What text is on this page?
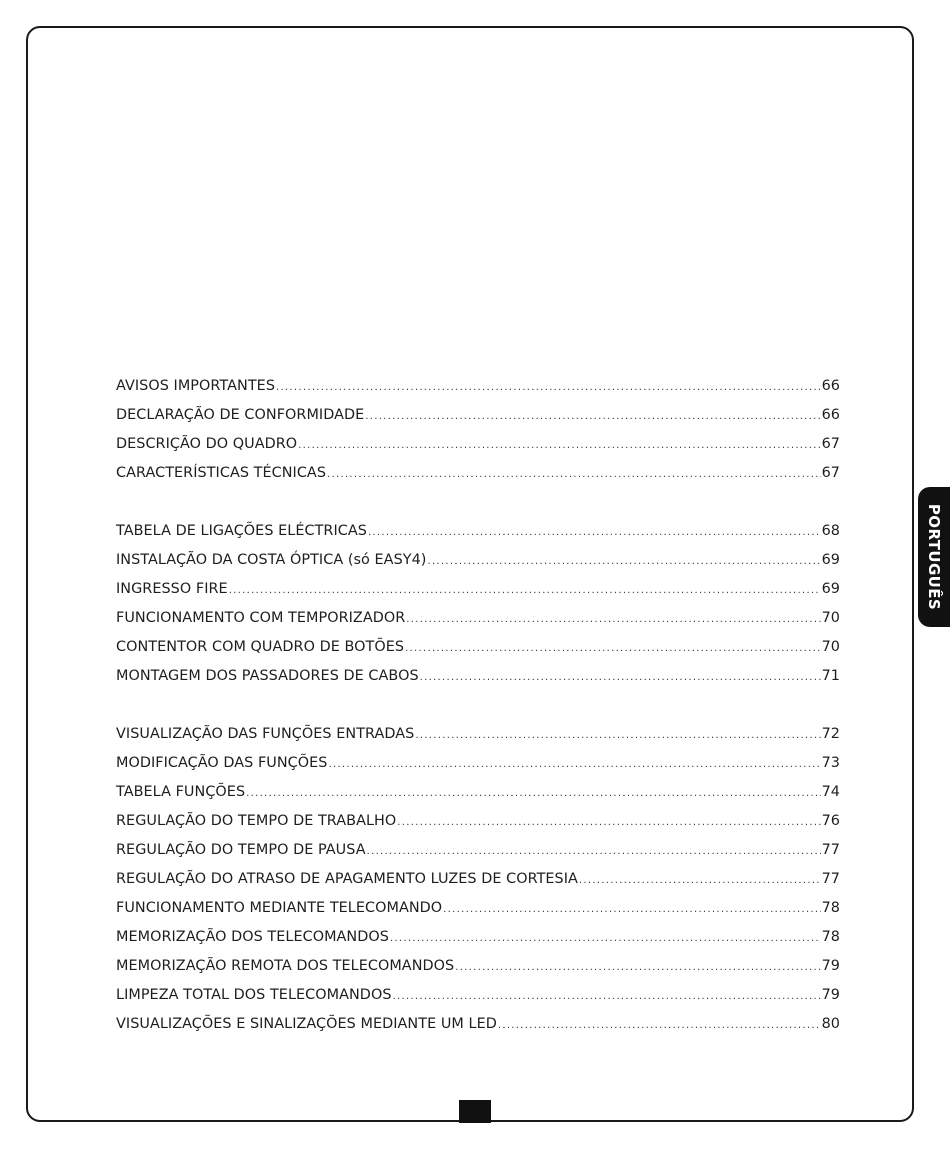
AVISOS IMPORTANTES .....	66
DECLARAÇÃO DE CONFORMIDADE .....	66
DESCRIÇÃO DO QUADRO .....	67
CARACTERÍSTICAS TÉCNICAS .....	67
TABELA DE LIGAÇÕES ELÉCTRICAS .....	68
INSTALAÇÃO DA COSTA ÓPTICA (só EASY4) .....	69
INGRESSO FIRE .....	69
FUNCIONAMENTO COM TEMPORIZADOR .....	70
CONTENTOR COM QUADRO DE BOTÕES .....	70
MONTAGEM DOS PASSADORES DE CABOS .....	71
VISUALIZAÇÃO DAS FUNÇÕES ENTRADAS .....	72
MODIFICAÇÃO DAS FUNÇÕES .....	73
TABELA FUNÇÕES .....	74
REGULAÇÃO DO TEMPO DE TRABALHO .....	76
REGULAÇÃO DO TEMPO DE PAUSA .....	77
REGULAÇÃO DO ATRASO DE APAGAMENTO LUZES DE CORTESIA .....	77
FUNCIONAMENTO MEDIANTE TELECOMANDO .....	78
MEMORIZAÇÃO DOS TELECOMANDOS .....	78
MEMORIZAÇÃO REMOTA DOS TELECOMANDOS .....	79
LIMPEZA TOTAL DOS TELECOMANDOS .....	79
VISUALIZAÇÕES E SINALIZAÇÕES MEDIANTE UM LED .....	80
PORTUGUÊS
